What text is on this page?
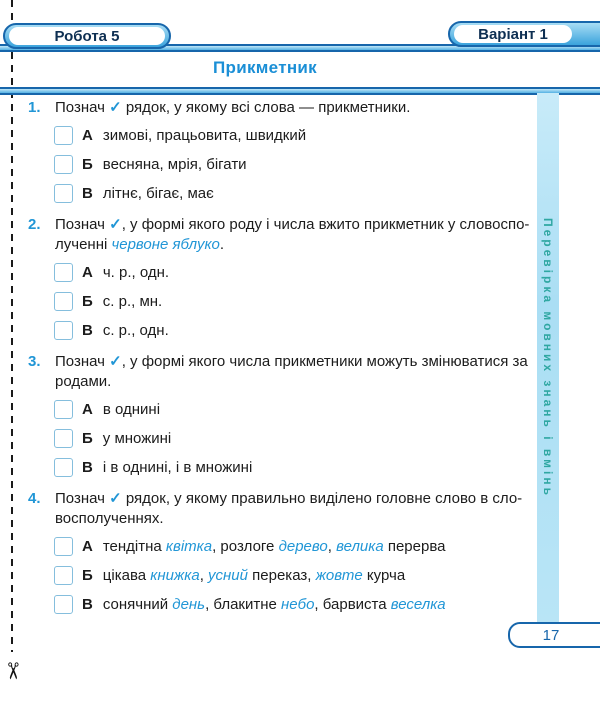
✂
Робота 5	Варіант 1
Прикметник
Перевірка мовних знань і вмінь
1. Познач ✓ рядок, у якому всі слова — прикметники.
А зимові, працьовита, швидкий
Б весняна, мрія, бігати
В літнє, бігає, має
2. Познач ✓, у формі якого роду і числа вжито прикметник у словоспо-
лученні червоне яблуко.
А ч. р., одн.
Б с. р., мн.
В с. р., одн.
3. Познач ✓, у формі якого числа прикметники можуть змінюватися за
родами.
А в однині
Б у множині
В і в однині, і в множині
4. Познач ✓ рядок, у якому правильно виділено головне слово в сло-
восполученнях.
А тендітна квітка, розлоге дерево, велика перерва
Б цікава книжка, усний переказ, жовте курча
В сонячний день, блакитне небо, барвиста веселка
17
